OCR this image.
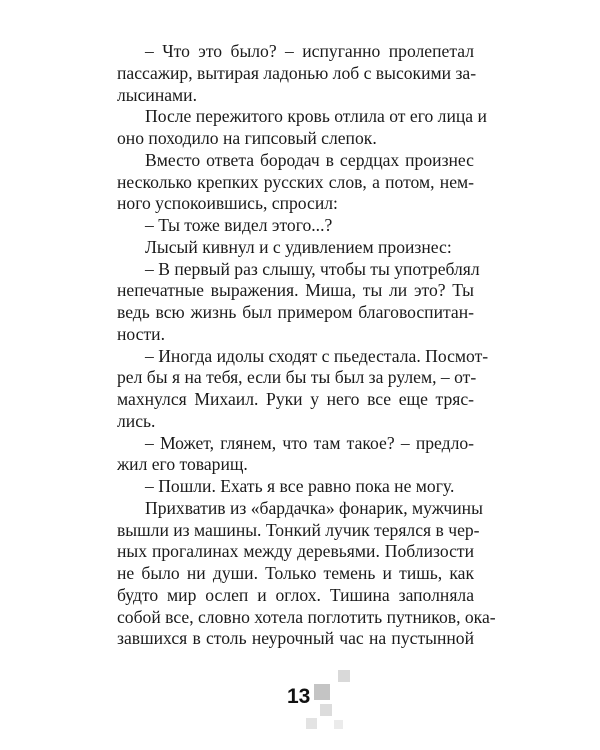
– Что это было? – испуганно пролепетал
пассажир, вытирая ладонью лоб с высокими за-
лысинами.
После пережитого кровь отлила от его лица и
оно походило на гипсовый слепок.
Вместо ответа бородач в сердцах произнес
несколько крепких русских слов, а потом, нем-
ного успокоившись, спросил:
– Ты тоже видел этого...?
Лысый кивнул и с удивлением произнес:
– В первый раз слышу, чтобы ты употреблял
непечатные выражения. Миша, ты ли это? Ты
ведь всю жизнь был примером благовоспитан-
ности.
– Иногда идолы сходят с пьедестала. Посмот-
рел бы я на тебя, если бы ты был за рулем, – от-
махнулся Михаил. Руки у него все еще тряс-
лись.
– Может, глянем, что там такое? – предло-
жил его товарищ.
– Пошли. Ехать я все равно пока не могу.
Прихватив из «бардачка» фонарик, мужчины
вышли из машины. Тонкий лучик терялся в чер-
ных прогалинах между деревьями. Поблизости
не было ни души. Только темень и тишь, как
будто мир ослеп и оглох. Тишина заполняла
собой все, словно хотела поглотить путников, ока-
завшихся в столь неурочный час на пустынной
13
